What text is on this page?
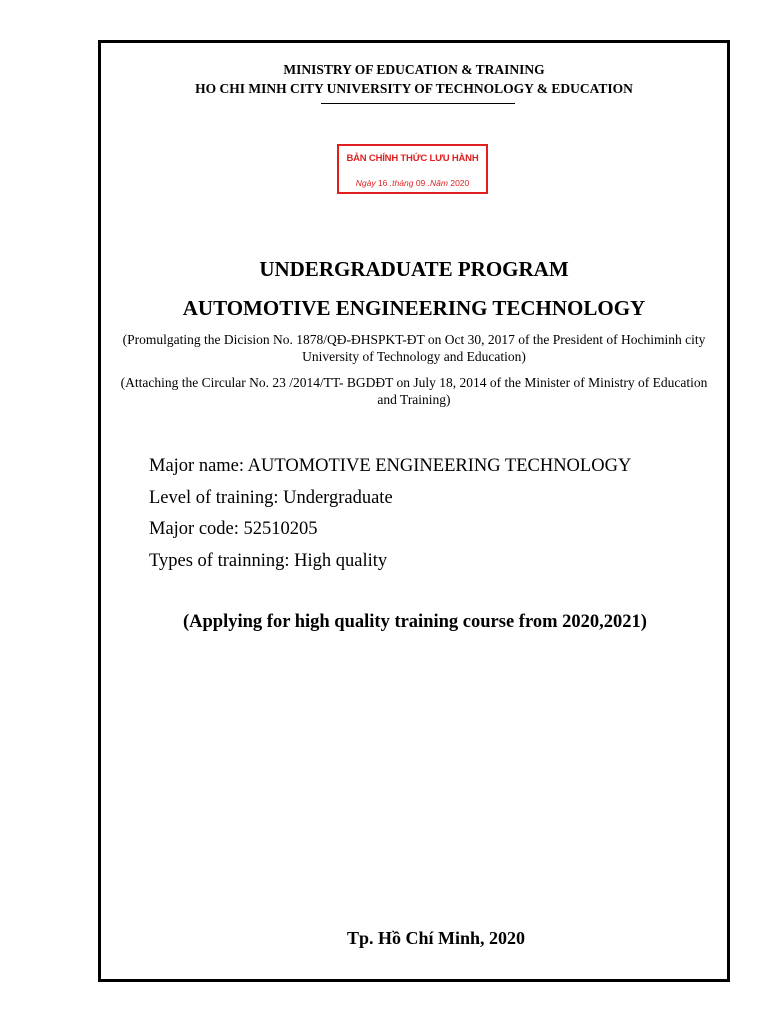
MINISTRY OF EDUCATION & TRAINING
HO CHI MINH CITY UNIVERSITY OF TECHNOLOGY & EDUCATION
BẢN CHÍNH THỨC LƯU HÀNH
Ngày 16 .tháng 09 .Năm 2020
UNDERGRADUATE PROGRAM
AUTOMOTIVE ENGINEERING TECHNOLOGY
(Promulgating the Dicision No. 1878/QĐ-ĐHSPKT-ĐT on Oct 30, 2017 of the President of Hochiminh city University of Technology and Education)
(Attaching the Circular No. 23 /2014/TT- BGDĐT on July 18, 2014 of the Minister of Ministry of Education and Training)
Major name: AUTOMOTIVE ENGINEERING TECHNOLOGY
Level of training: Undergraduate
Major code: 52510205
Types of trainning: High quality
(Applying for high quality training course from 2020,2021)
Tp. Hồ Chí Minh, 2020
